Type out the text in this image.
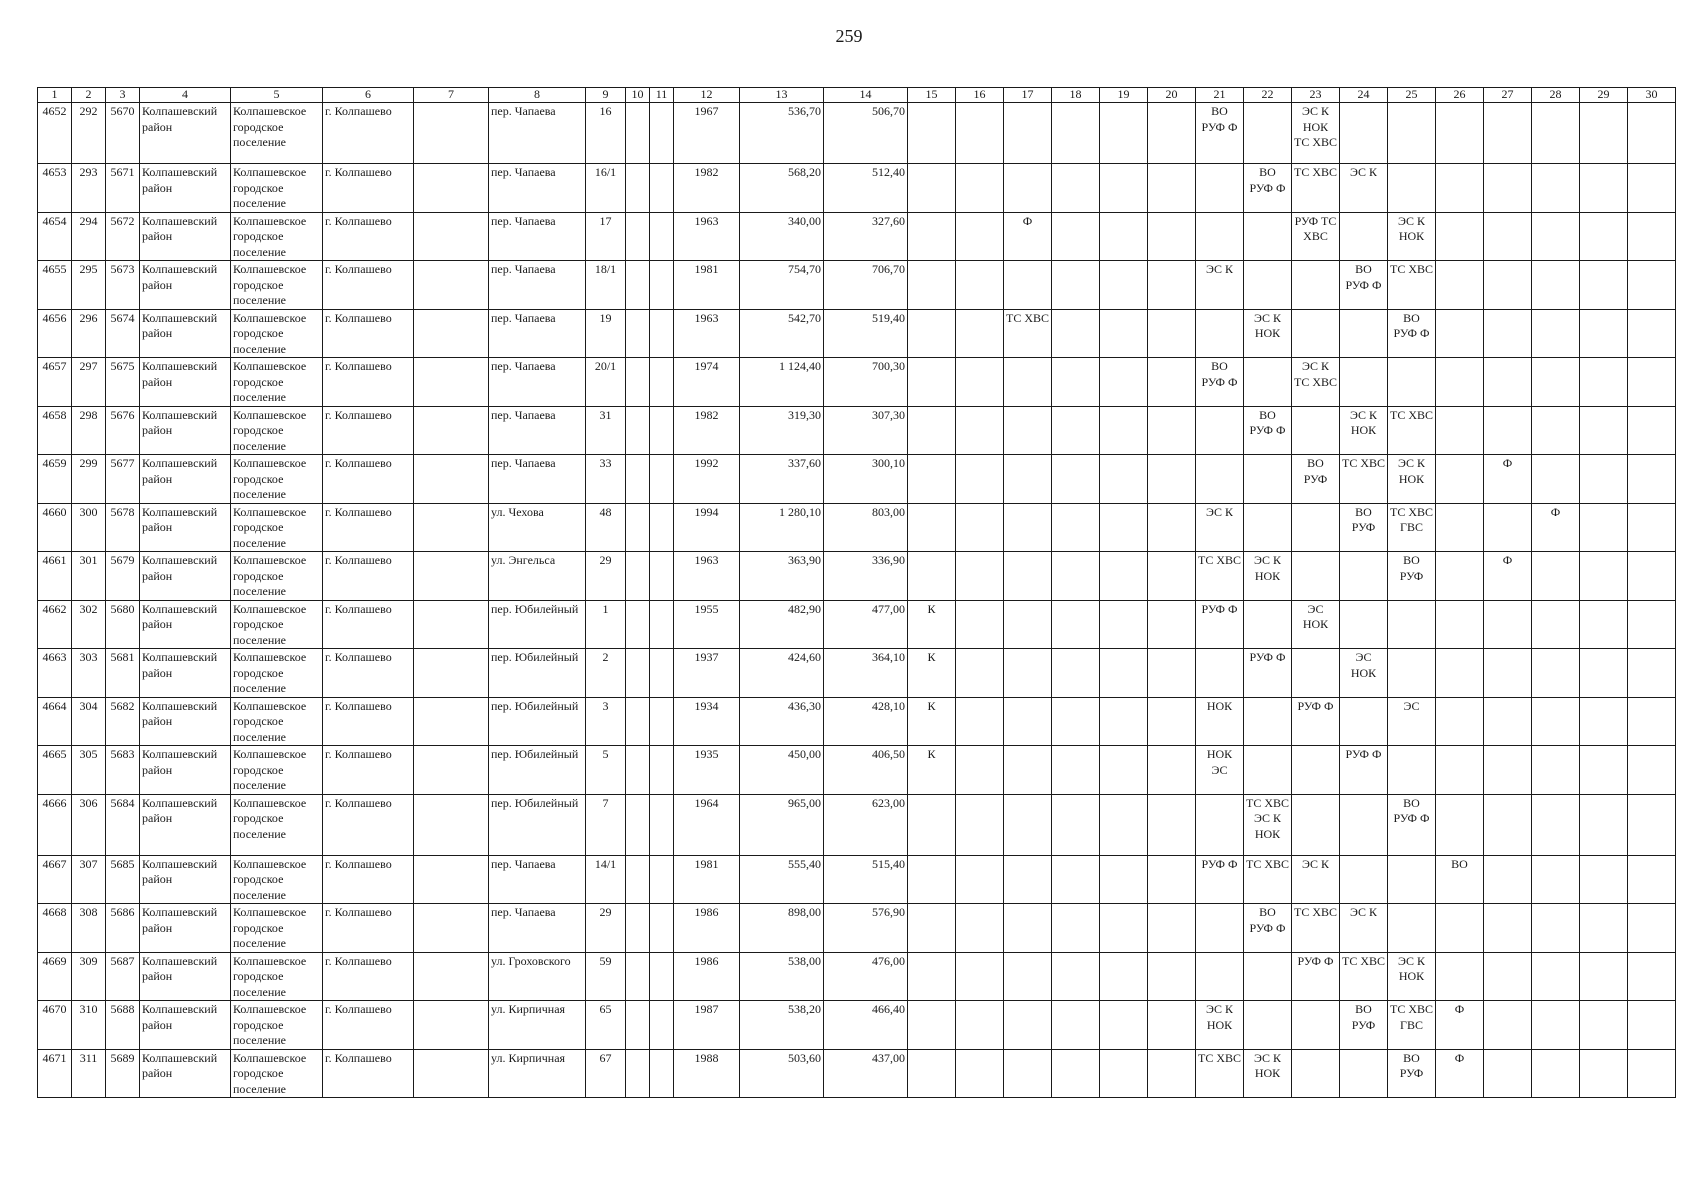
259
1	2	3	4	5	6	7	8	9	10	11	12	13	14	15	16	17	18	19	20	21	22	23	24	25	26	27	28	29	30
4652	292	5670	Колпашевский район	Колпашевское городское поселение	г. Колпашево		пер. Чапаева	16			1967	536,70	506,70							ВО РУФ Ф		ЭС К НОК ТС ХВС							
4653	293	5671	Колпашевский район	Колпашевское городское поселение	г. Колпашево		пер. Чапаева	16/1			1982	568,20	512,40								ВО РУФ Ф	ТС ХВС	ЭС К						
4654	294	5672	Колпашевский район	Колпашевское городское поселение	г. Колпашево		пер. Чапаева	17			1963	340,00	327,60			Ф						РУФ ТС ХВС		ЭС К НОК					
4655	295	5673	Колпашевский район	Колпашевское городское поселение	г. Колпашево		пер. Чапаева	18/1			1981	754,70	706,70							ЭС К			ВО РУФ Ф	ТС ХВС					
4656	296	5674	Колпашевский район	Колпашевское городское поселение	г. Колпашево		пер. Чапаева	19			1963	542,70	519,40			ТС ХВС					ЭС К НОК			ВО РУФ Ф					
4657	297	5675	Колпашевский район	Колпашевское городское поселение	г. Колпашево		пер. Чапаева	20/1			1974	1 124,40	700,30							ВО РУФ Ф		ЭС К ТС ХВС							
4658	298	5676	Колпашевский район	Колпашевское городское поселение	г. Колпашево		пер. Чапаева	31			1982	319,30	307,30								ВО РУФ Ф		ЭС К НОК	ТС ХВС					
4659	299	5677	Колпашевский район	Колпашевское городское поселение	г. Колпашево		пер. Чапаева	33			1992	337,60	300,10									ВО РУФ	ТС ХВС	ЭС К НОК		Ф			
4660	300	5678	Колпашевский район	Колпашевское городское поселение	г. Колпашево		ул. Чехова	48			1994	1 280,10	803,00							ЭС К			ВО РУФ	ТС ХВС ГВС			Ф		
4661	301	5679	Колпашевский район	Колпашевское городское поселение	г. Колпашево		ул. Энгельса	29			1963	363,90	336,90							ТС ХВС	ЭС К НОК			ВО РУФ		Ф			
4662	302	5680	Колпашевский район	Колпашевское городское поселение	г. Колпашево		пер. Юбилейный	1			1955	482,90	477,00	К						РУФ Ф		ЭС НОК							
4663	303	5681	Колпашевский район	Колпашевское городское поселение	г. Колпашево		пер. Юбилейный	2			1937	424,60	364,10	К							РУФ Ф		ЭС НОК						
4664	304	5682	Колпашевский район	Колпашевское городское поселение	г. Колпашево		пер. Юбилейный	3			1934	436,30	428,10	К						НОК		РУФ Ф		ЭС					
4665	305	5683	Колпашевский район	Колпашевское городское поселение	г. Колпашево		пер. Юбилейный	5			1935	450,00	406,50	К						НОК ЭС			РУФ Ф						
4666	306	5684	Колпашевский район	Колпашевское городское поселение	г. Колпашево		пер. Юбилейный	7			1964	965,00	623,00								ТС ХВС ЭС К НОК			ВО РУФ Ф					
4667	307	5685	Колпашевский район	Колпашевское городское поселение	г. Колпашево		пер. Чапаева	14/1			1981	555,40	515,40							РУФ Ф	ТС ХВС	ЭС К			ВО				
4668	308	5686	Колпашевский район	Колпашевское городское поселение	г. Колпашево		пер. Чапаева	29			1986	898,00	576,90								ВО РУФ Ф	ТС ХВС	ЭС К						
4669	309	5687	Колпашевский район	Колпашевское городское поселение	г. Колпашево		ул. Гроховского	59			1986	538,00	476,00									РУФ Ф	ТС ХВС	ЭС К НОК					
4670	310	5688	Колпашевский район	Колпашевское городское поселение	г. Колпашево		ул. Кирпичная	65			1987	538,20	466,40							ЭС К НОК			ВО РУФ	ТС ХВС ГВС	Ф				
4671	311	5689	Колпашевский район	Колпашевское городское поселение	г. Колпашево		ул. Кирпичная	67			1988	503,60	437,00							ТС ХВС	ЭС К НОК			ВО РУФ	Ф				
